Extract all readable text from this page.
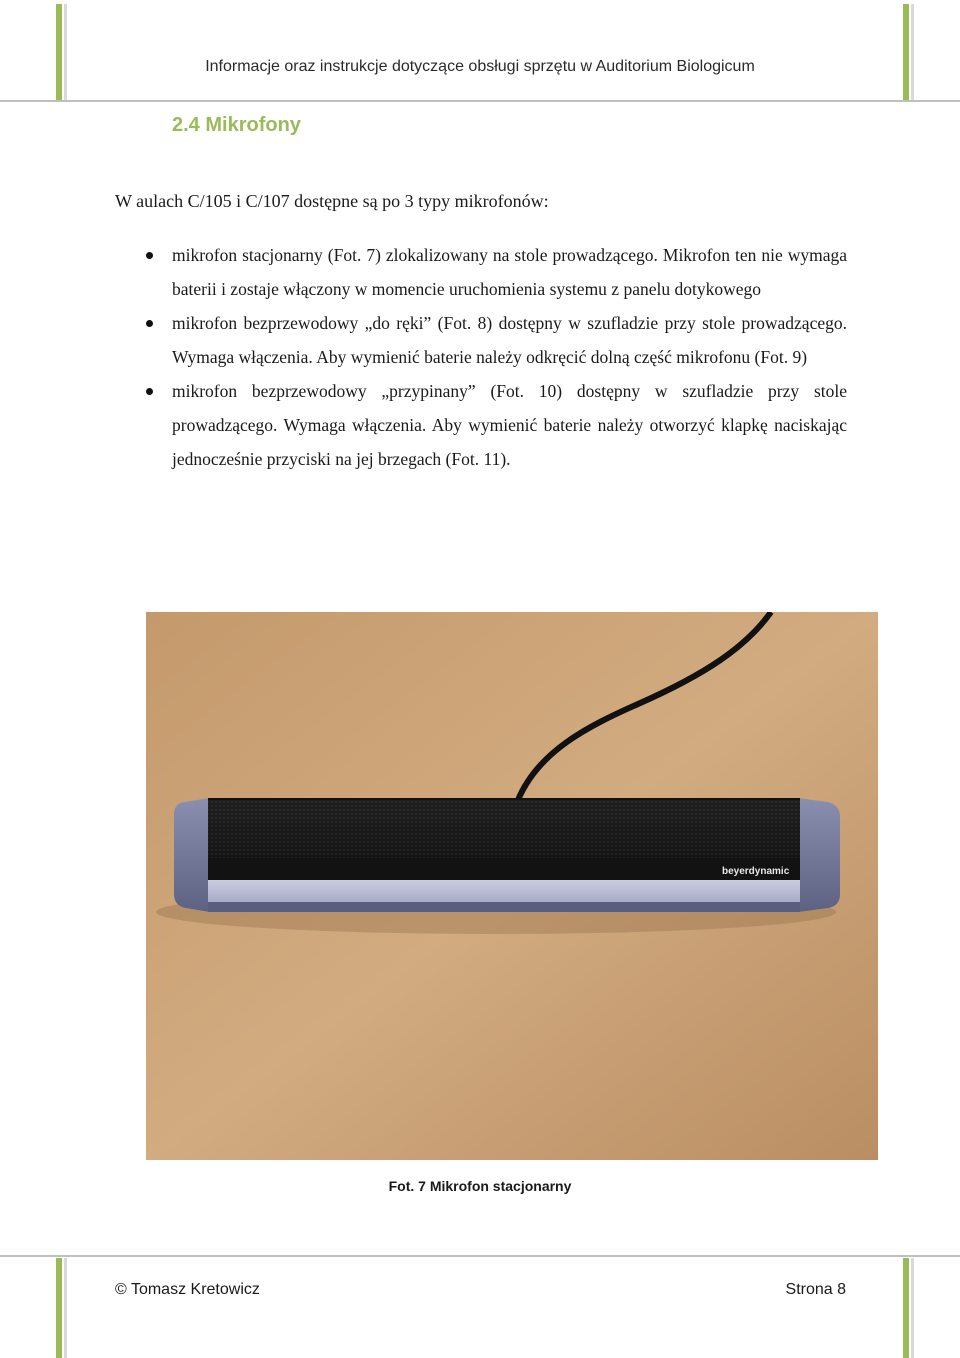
Informacje oraz instrukcje dotyczące obsługi sprzętu w Auditorium Biologicum
2.4 Mikrofony
W aulach C/105 i C/107 dostępne są po 3 typy mikrofonów:
mikrofon stacjonarny (Fot. 7) zlokalizowany na stole prowadzącego. Mikrofon ten nie wymaga baterii i zostaje włączony w momencie uruchomienia systemu z panelu dotykowego
mikrofon bezprzewodowy „do ręki” (Fot. 8) dostępny w szufladzie przy stole prowadzącego. Wymaga włączenia. Aby wymienić baterie należy odkręcić dolną część mikrofonu (Fot. 9)
mikrofon bezprzewodowy „przypinany” (Fot. 10) dostępny w szufladzie przy stole prowadzącego. Wymaga włączenia. Aby wymienić baterie należy otworzyć klapkę naciskając jednocześnie przyciski na jej brzegach (Fot. 11).
beyerdynamic
Fot. 7 Mikrofon stacjonarny
© Tomasz Kretowicz	Strona 8
